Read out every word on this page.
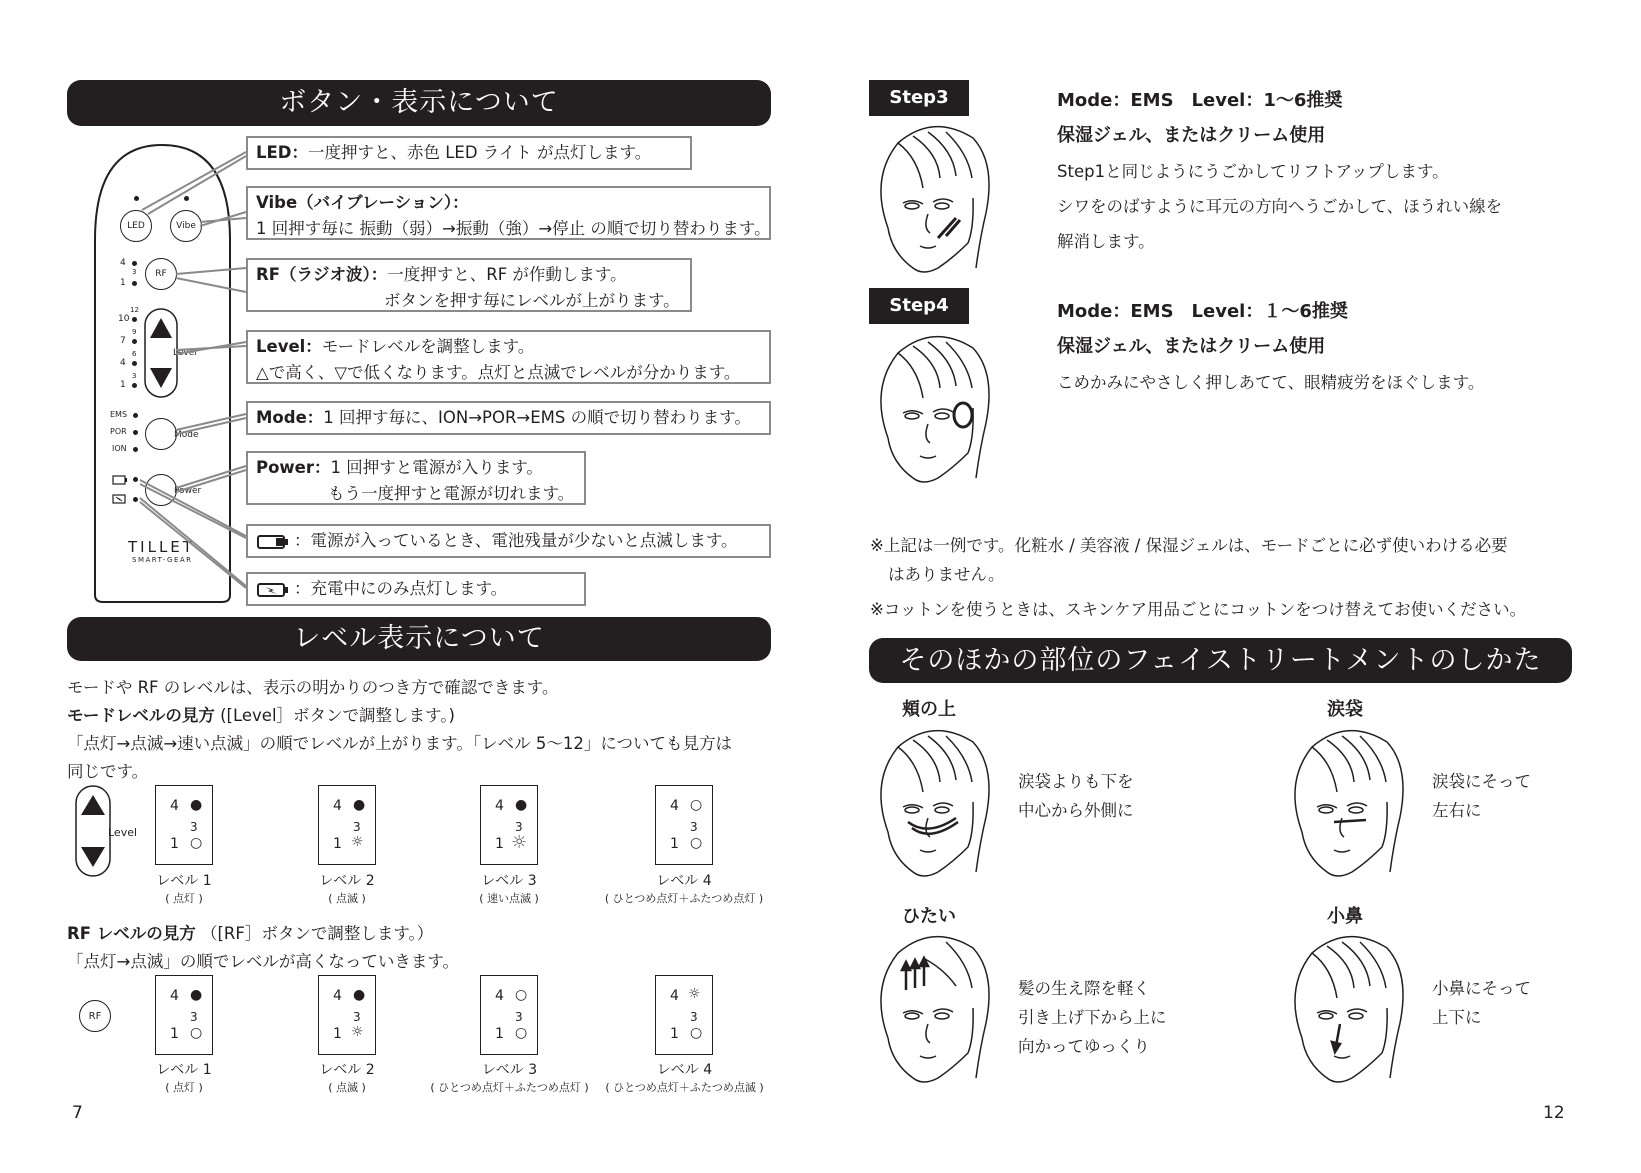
ボタン・表示について
LED	Vibe
4
3
1
RF
12
10
9
7
6
4
3
1
Level
EMS
POR
ION
Mode
Power
TILLET
SMART-GEAR
LED：一度押すと、赤色 LED ライト が点灯します。
Vibe（バイブレーション）：
1 回押す毎に 振動（弱）→振動（強）→停止 の順で切り替わります。
RF（ラジオ波）：一度押すと、RF が作動します。
ボタンを押す毎にレベルが上がります。
Level：モードレベルを調整します。
△で高く、▽で低くなります。点灯と点滅でレベルが分かります。
Mode：1 回押す毎に、ION→POR→EMS の順で切り替わります。
Power：1 回押すと電源が入ります。
もう一度押すと電源が切れます。
：電源が入っているとき、電池残量が少ないと点滅します。
：充電中にのみ点灯します。
レベル表示について
モードや RF のレベルは、表示の明かりのつき方で確認できます。
モードレベルの見方 ([Level］ボタンで調整します。)
「点灯→点滅→速い点滅」の順でレベルが上がります。「レベル 5〜12」についても見方は
同じです。
Level
4 ●
3
1 ○
4 ●
3
1 ☼
4 ●
3
1 ☼
4 ○
3
1 ○
レベル 1
( 点灯 )
レベル 2
( 点滅 )
レベル 3
( 速い点滅 )
レベル 4
( ひとつめ点灯＋ふたつめ点灯 )
RF レベルの見方 （[RF］ボタンで調整します。）
「点灯→点滅」の順でレベルが高くなっていきます。
RF
4 ●
3
1 ○
4 ●
3
1 ☼
4 ○
3
1 ○
4 ☼
3
1 ○
レベル 1
( 点灯 )
レベル 2
( 点滅 )
レベル 3
( ひとつめ点灯＋ふたつめ点灯 )
レベル 4
( ひとつめ点灯＋ふたつめ点滅 )
7
Step3	Mode：EMS　Level：1〜6推奨
保湿ジェル、またはクリーム使用
Step1と同じようにうごかしてリフトアップします。
シワをのばすように耳元の方向へうごかして、ほうれい線を
解消します。
Step4	Mode：EMS　Level：１〜6推奨
保湿ジェル、またはクリーム使用
こめかみにやさしく押しあてて、眼精疲労をほぐします。
※上記は一例です。化粧水 / 美容液 / 保湿ジェルは、モードごとに必ず使いわける必要
はありません。
※コットンを使うときは、スキンケア用品ごとにコットンをつけ替えてお使いください。
そのほかの部位のフェイストリートメントのしかた
頬の上
涙袋よりも下を
中心から外側に
涙袋
涙袋にそって
左右に
ひたい
髪の生え際を軽く
引き上げ下から上に
向かってゆっくり
小鼻
小鼻にそって
上下に
12
